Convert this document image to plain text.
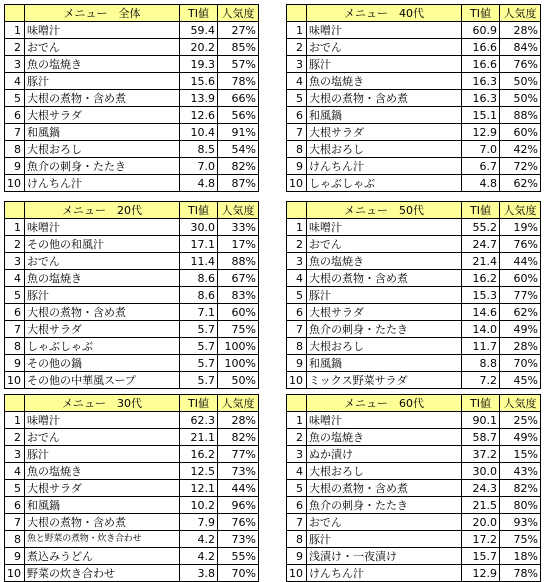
	メニュー　全体	TI値	人気度
1	味噌汁	59.4	27%
2	おでん	20.2	85%
3	魚の塩焼き	19.3	57%
4	豚汁	15.6	78%
5	大根の煮物・含め煮	13.9	66%
6	大根サラダ	12.6	56%
7	和風鍋	10.4	91%
8	大根おろし	8.5	54%
9	魚介の刺身・たたき	7.0	82%
10	けんちん汁	4.8	87%
	メニュー　40代	TI値	人気度
1	味噌汁	60.9	28%
2	おでん	16.6	84%
3	豚汁	16.6	76%
4	魚の塩焼き	16.3	50%
5	大根の煮物・含め煮	16.3	50%
6	和風鍋	15.1	88%
7	大根サラダ	12.9	60%
8	大根おろし	7.0	42%
9	けんちん汁	6.7	72%
10	しゃぶしゃぶ	4.8	62%
	メニュー　20代	TI値	人気度
1	味噌汁	30.0	33%
2	その他の和風汁	17.1	17%
3	おでん	11.4	88%
4	魚の塩焼き	8.6	67%
5	豚汁	8.6	83%
6	大根の煮物・含め煮	7.1	60%
7	大根サラダ	5.7	75%
8	しゃぶしゃぶ	5.7	100%
9	その他の鍋	5.7	100%
10	その他の中華風スープ	5.7	50%
	メニュー　50代	TI値	人気度
1	味噌汁	55.2	19%
2	おでん	24.7	76%
3	魚の塩焼き	21.4	44%
4	大根の煮物・含め煮	16.2	60%
5	豚汁	15.3	77%
6	大根サラダ	14.6	62%
7	魚介の刺身・たたき	14.0	49%
8	大根おろし	11.7	28%
9	和風鍋	8.8	70%
10	ミックス野菜サラダ	7.2	45%
	メニュー　30代	TI値	人気度
1	味噌汁	62.3	28%
2	おでん	21.1	82%
3	豚汁	16.2	77%
4	魚の塩焼き	12.5	73%
5	大根サラダ	12.1	44%
6	和風鍋	10.2	96%
7	大根の煮物・含め煮	7.9	76%
8	魚と野菜の煮物・炊き合わせ	4.2	73%
9	煮込みうどん	4.2	55%
10	野菜の炊き合わせ	3.8	70%
	メニュー　60代	TI値	人気度
1	味噌汁	90.1	25%
2	魚の塩焼き	58.7	49%
3	ぬか漬け	37.2	15%
4	大根おろし	30.0	43%
5	大根の煮物・含め煮	24.3	82%
6	魚介の刺身・たたき	21.5	80%
7	おでん	20.0	93%
8	豚汁	17.2	75%
9	浅漬け・一夜漬け	15.7	18%
10	けんちん汁	12.9	78%
